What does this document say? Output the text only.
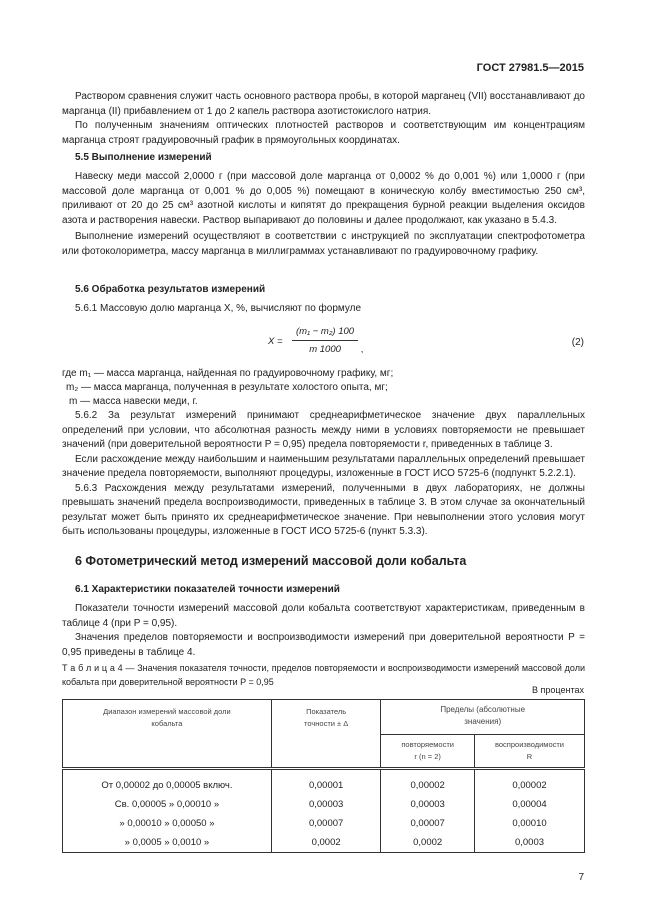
ГОСТ 27981.5—2015

Раствором сравнения служит часть основного раствора пробы, в которой марганец (VII) восстанавливают до марганца (II) прибавлением от 1 до 2 капель раствора азотистокислого натрия.

По полученным значениям оптических плотностей растворов и соответствующим им концентрациям марганца строят градуировочный график в прямоугольных координатах.

5.5 Выполнение измерений

Навеску меди массой 2,0000 г (при массовой доле марганца от 0,0002 % до 0,001 %) или 1,0000 г (при массовой доле марганца от 0,001 % до 0,005 %) помещают в коническую колбу вместимостью 250 см³, приливают от 20 до 25 см³ азотной кислоты и кипятят до прекращения бурной реакции выделения оксидов азота и растворения навески. Раствор выпаривают до половины и далее продолжают, как указано в 5.4.3.

Выполнение измерений осуществляют в соответствии с инструкцией по эксплуатации спектрофотометра или фотоколориметра, массу марганца в миллиграммах устанавливают по градуировочному графику.

5.6 Обработка результатов измерений

5.6.1 Массовую долю марганца X, %, вычисляют по формуле

$X = \frac{\text{(m₁ − m₂) 100}}{m 1000}$ ,
(2)
где m₁ — масса марганца, найденная по градуировочному графику, мг;
m₂ — масса марганца, полученная в результате холостого опыта, мг;
m — масса навески меди, г.

5.6.2 За результат измерений принимают среднеарифметическое значение двух параллельных определений при условии, что абсолютная разность между ними в условиях повторяемости не превышает значений (при доверительной вероятности P = 0,95) предела повторяемости r, приведенных в таблице 3.

Если расхождение между наибольшим и наименьшим результатами параллельных определений превышает значение предела повторяемости, выполняют процедуры, изложенные в ГОСТ ИСО 5725-6 (подпункт 5.2.2.1).

5.6.3 Расхождения между результатами измерений, полученными в двух лабораториях, не должны превышать значений предела воспроизводимости, приведенных в таблице 3. В этом случае за окончательный результат может быть принято их среднеарифметическое значение. При невыполнении этого условия могут быть использованы процедуры, изложенные в ГОСТ ИСО 5725-6 (пункт 5.3.3).

6 Фотометрический метод измерений массовой доли кобальта
6.1 Характеристики показателей точности измерений

Показатели точности измерений массовой доли кобальта соответствуют характеристикам, приведенным в таблице 4 (при P = 0,95).

Значения пределов повторяемости и воспроизводимости измерений при доверительной вероятности P = 0,95 приведены в таблице 4.

Т а б л и ц а 4 — Значения показателя точности, пределов повторяемости и воспроизводимости измерений массовой доли кобальта при доверительной вероятности P = 0,95
В процентах
Диапазон измерений массовой доли кобальта	Показатель точности ± Δ	Пределы (абсолютные значения)	
		повторяемости r (n = 2)	воспроизводимости R
От 0,00002 до 0,00005 включ.	0,00001	0,00002	0,00002
Св. 0,00005 » 0,00010 »	0,00003	0,00003	0,00004
» 0,00010 » 0,00050 »	0,00007	0,00007	0,00010
» 0,0005 » 0,0010 »	0,0002	0,0002	0,0003
7
